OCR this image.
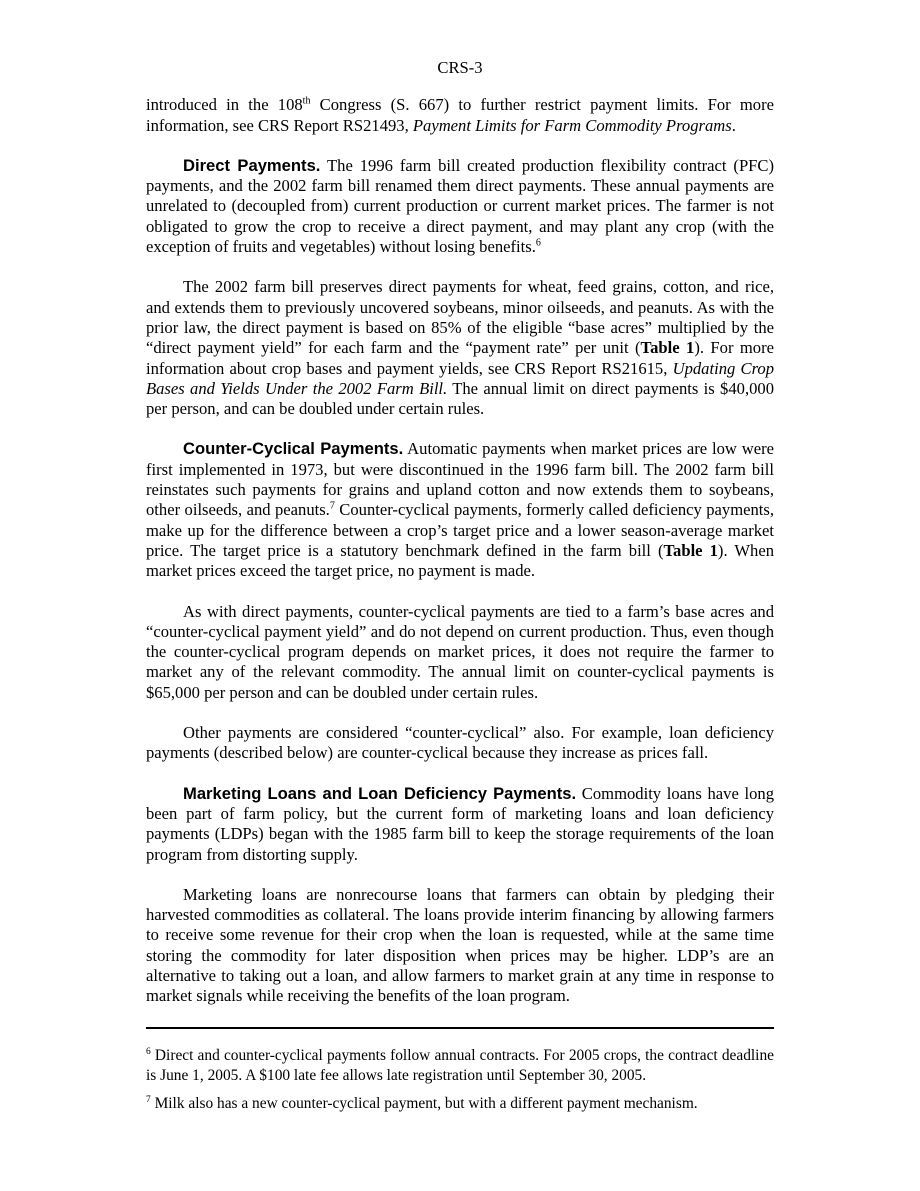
CRS-3

introduced in the 108th Congress (S. 667) to further restrict payment limits. For more information, see CRS Report RS21493, Payment Limits for Farm Commodity Programs.

Direct Payments. The 1996 farm bill created production flexibility contract (PFC) payments, and the 2002 farm bill renamed them direct payments. These annual payments are unrelated to (decoupled from) current production or current market prices. The farmer is not obligated to grow the crop to receive a direct payment, and may plant any crop (with the exception of fruits and vegetables) without losing benefits.$^6$

The 2002 farm bill preserves direct payments for wheat, feed grains, cotton, and rice, and extends them to previously uncovered soybeans, minor oilseeds, and peanuts. As with the prior law, the direct payment is based on 85% of the eligible “base acres” multiplied by the “direct payment yield” for each farm and the “payment rate” per unit (Table 1). For more information about crop bases and payment yields, see CRS Report RS21615, Updating Crop Bases and Yields Under the 2002 Farm Bill. The annual limit on direct payments is $40,000 per person, and can be doubled under certain rules.

Counter-Cyclical Payments. Automatic payments when market prices are low were first implemented in 1973, but were discontinued in the 1996 farm bill. The 2002 farm bill reinstates such payments for grains and upland cotton and now extends them to soybeans, other oilseeds, and peanuts.$^7$ Counter-cyclical payments, formerly called deficiency payments, make up for the difference between a crop’s target price and a lower season-average market price. The target price is a statutory benchmark defined in the farm bill (Table 1). When market prices exceed the target price, no payment is made.

As with direct payments, counter-cyclical payments are tied to a farm’s base acres and “counter-cyclical payment yield” and do not depend on current production. Thus, even though the counter-cyclical program depends on market prices, it does not require the farmer to market any of the relevant commodity. The annual limit on counter-cyclical payments is $65,000 per person and can be doubled under certain rules.

Other payments are considered “counter-cyclical” also. For example, loan deficiency payments (described below) are counter-cyclical because they increase as prices fall.

Marketing Loans and Loan Deficiency Payments. Commodity loans have long been part of farm policy, but the current form of marketing loans and loan deficiency payments (LDPs) began with the 1985 farm bill to keep the storage requirements of the loan program from distorting supply.

Marketing loans are nonrecourse loans that farmers can obtain by pledging their harvested commodities as collateral. The loans provide interim financing by allowing farmers to receive some revenue for their crop when the loan is requested, while at the same time storing the commodity for later disposition when prices may be higher. LDP’s are an alternative to taking out a loan, and allow farmers to market grain at any time in response to market signals while receiving the benefits of the loan program.

$^6$ Direct and counter-cyclical payments follow annual contracts. For 2005 crops, the contract deadline is June 1, 2005. A $100 late fee allows late registration until September 30, 2005.

$^7$ Milk also has a new counter-cyclical payment, but with a different payment mechanism.
